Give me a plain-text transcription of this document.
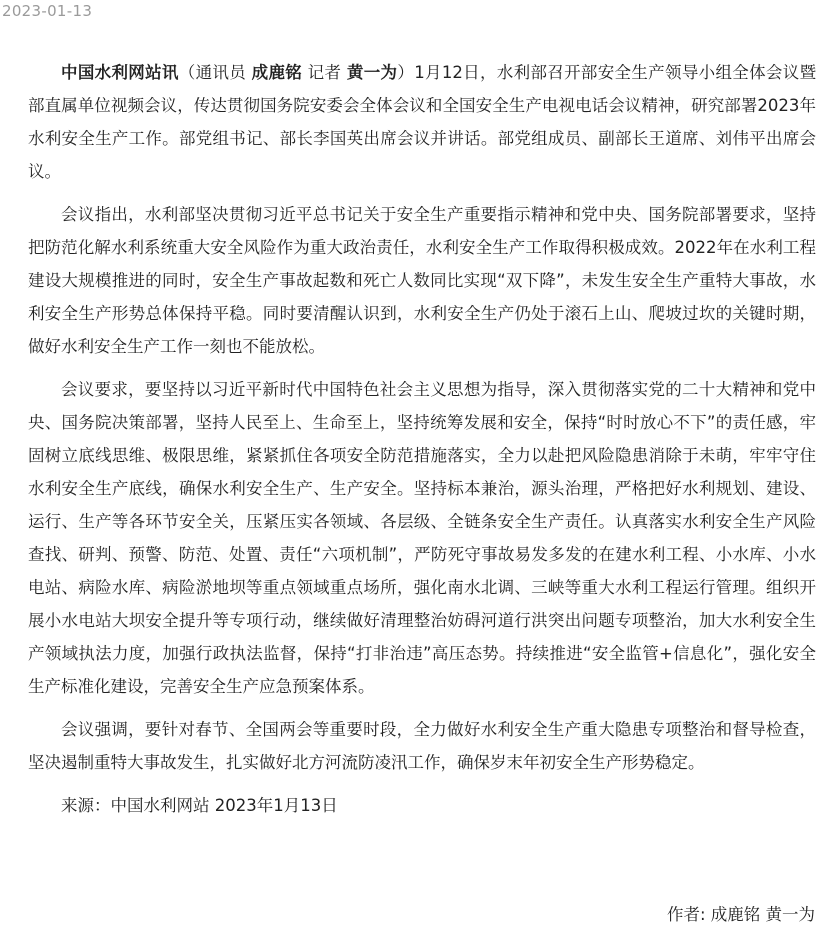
2023-01-13

中国水利网站讯（通讯员 成鹿铭 记者 黄一为）1月12日，水利部召开部安全生产领导小组全体会议暨部直属单位视频会议，传达贯彻国务院安委会全体会议和全国安全生产电视电话会议精神，研究部署2023年水利安全生产工作。部党组书记、部长李国英出席会议并讲话。部党组成员、副部长王道席、刘伟平出席会议。

会议指出，水利部坚决贯彻习近平总书记关于安全生产重要指示精神和党中央、国务院部署要求，坚持把防范化解水利系统重大安全风险作为重大政治责任，水利安全生产工作取得积极成效。2022年在水利工程建设大规模推进的同时，安全生产事故起数和死亡人数同比实现“双下降”，未发生安全生产重特大事故，水利安全生产形势总体保持平稳。同时要清醒认识到，水利安全生产仍处于滚石上山、爬坡过坎的关键时期，做好水利安全生产工作一刻也不能放松。

会议要求，要坚持以习近平新时代中国特色社会主义思想为指导，深入贯彻落实党的二十大精神和党中央、国务院决策部署，坚持人民至上、生命至上，坚持统筹发展和安全，保持“时时放心不下”的责任感，牢固树立底线思维、极限思维，紧紧抓住各项安全防范措施落实，全力以赴把风险隐患消除于未萌，牢牢守住水利安全生产底线，确保水利安全生产、生产安全。坚持标本兼治，源头治理，严格把好水利规划、建设、运行、生产等各环节安全关，压紧压实各领域、各层级、全链条安全生产责任。认真落实水利安全生产风险查找、研判、预警、防范、处置、责任“六项机制”，严防死守事故易发多发的在建水利工程、小水库、小水电站、病险水库、病险淤地坝等重点领域重点场所，强化南水北调、三峡等重大水利工程运行管理。组织开展小水电站大坝安全提升等专项行动，继续做好清理整治妨碍河道行洪突出问题专项整治，加大水利安全生产领域执法力度，加强行政执法监督，保持“打非治违”高压态势。持续推进“安全监管+信息化”，强化安全生产标准化建设，完善安全生产应急预案体系。

会议强调，要针对春节、全国两会等重要时段，全力做好水利安全生产重大隐患专项整治和督导检查，坚决遏制重特大事故发生，扎实做好北方河流防凌汛工作，确保岁末年初安全生产形势稳定。

来源：中国水利网站 2023年1月13日

作者: 成鹿铭 黄一为
